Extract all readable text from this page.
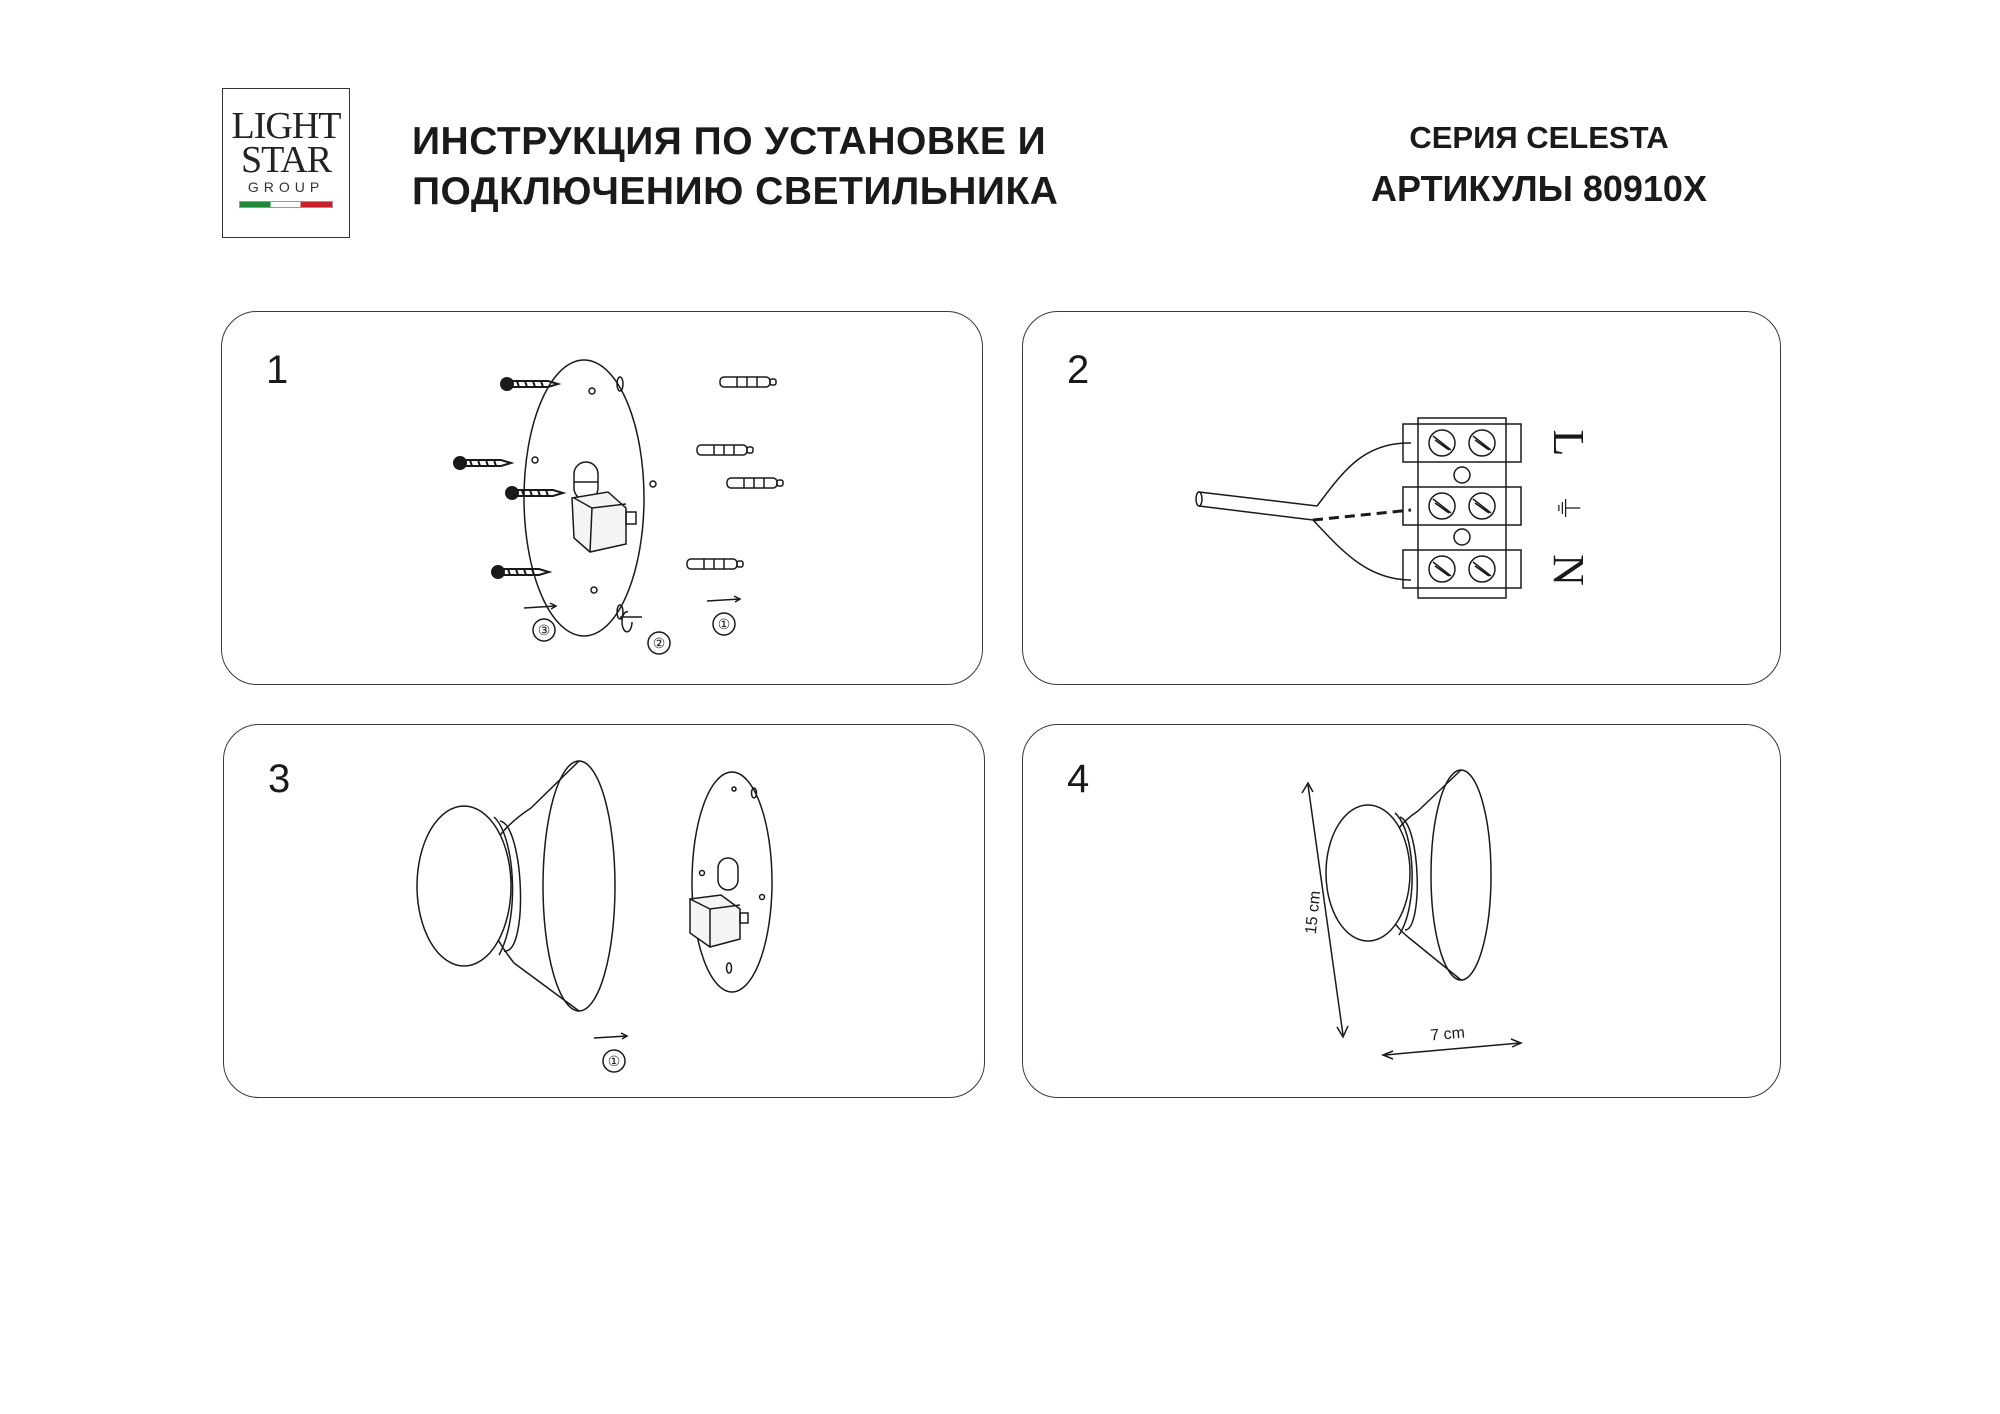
LIGHT
STAR
GROUP
ИНСТРУКЦИЯ ПО УСТАНОВКЕ И
ПОДКЛЮЧЕНИЮ СВЕТИЛЬНИКА
СЕРИЯ CELESTA
АРТИКУЛЫ 80910X
1
③
②
①
2
L
⏚
N
3
①
4
15 cm
7 cm
